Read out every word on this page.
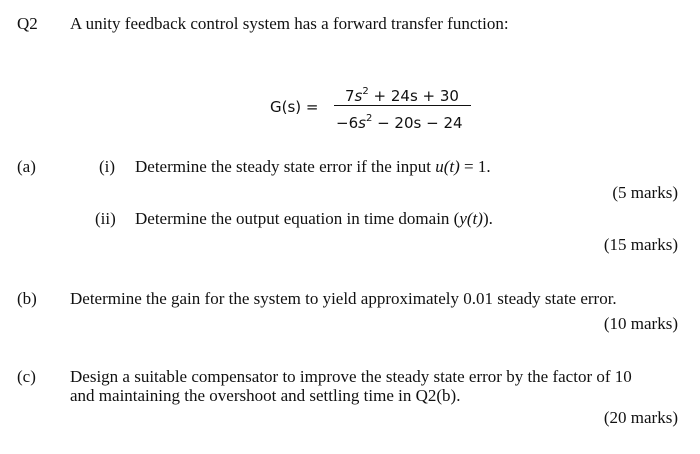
Q2 A unity feedback control system has a forward transfer function:
G(s) =
$7s^2 + 24s + 30$
$-6s^2 - 20s - 24$
(a)	(i) Determine the steady state error if the input u(t) = 1.
(5 marks)
(ii) Determine the output equation in time domain (y(t)).
(15 marks)
(b) Determine the gain for the system to yield approximately 0.01 steady state error.
(10 marks)
(c) Design a suitable compensator to improve the steady state error by the factor of 10
and maintaining the overshoot and settling time in Q2(b).
(20 marks)
